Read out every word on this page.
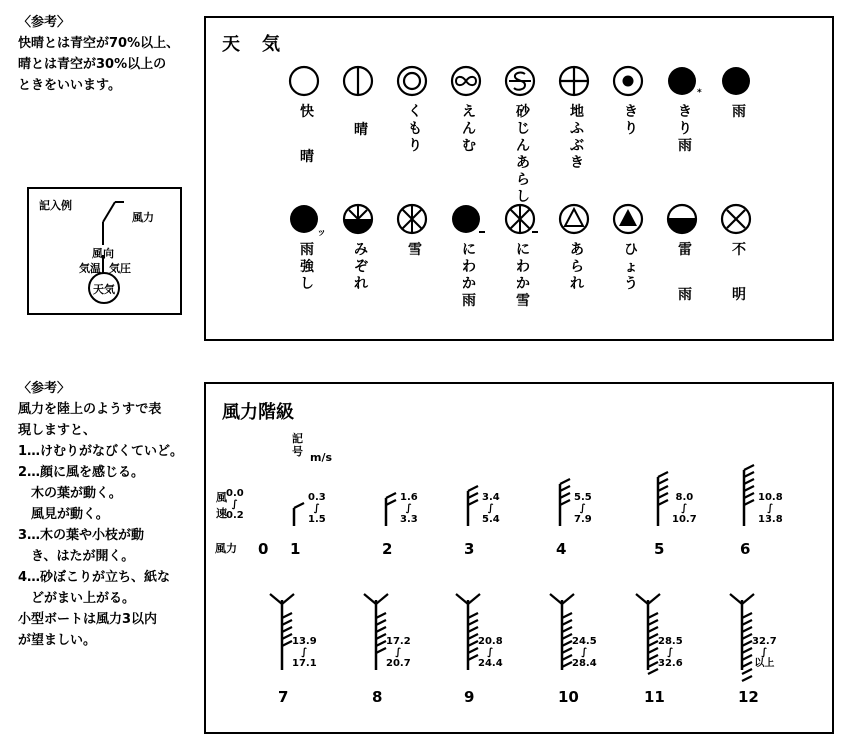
〈参考〉
快晴とは青空が70%以上、
晴とは青空が30%以上の
ときをいいます。
記入例
風力
風向
気温 気圧
天気
天　気
快
晴
晴
くもり
えんむ
砂じんあらし
地ふぶき
きり
*
きり雨
雨
ッ
雨強し
みぞれ
雪	にわか雨
にわか雪
あられ
ひょう
雷
雨
不
明
〈参考〉
風力を陸上のようすで表
現しますと、
1…けむりがなびくていど。
2…顔に風を感じる。
　木の葉が動く。
　風見が動く。
3…木の葉や小枝が動
　き、はたが開く。
4…砂ぼこりが立ち、紙な
　どがまい上がる。
小型ボートは風力3以内
が望ましい。
風力階級
記号 m/s
風速
風力
0.0
∫
0.2
0
0.3
∫
1.5
1
1.6
∫
3.3
2
3.4
∫
5.4
3
5.5
∫
7.9
4
8.0
∫
10.7
5
10.8
∫
13.8
6
13.9
∫
17.1
7
17.2
∫
20.7
8
20.8
∫
24.4
9
24.5
∫
28.4
10
28.5
∫
32.6
11
32.7
∫
以上
12
